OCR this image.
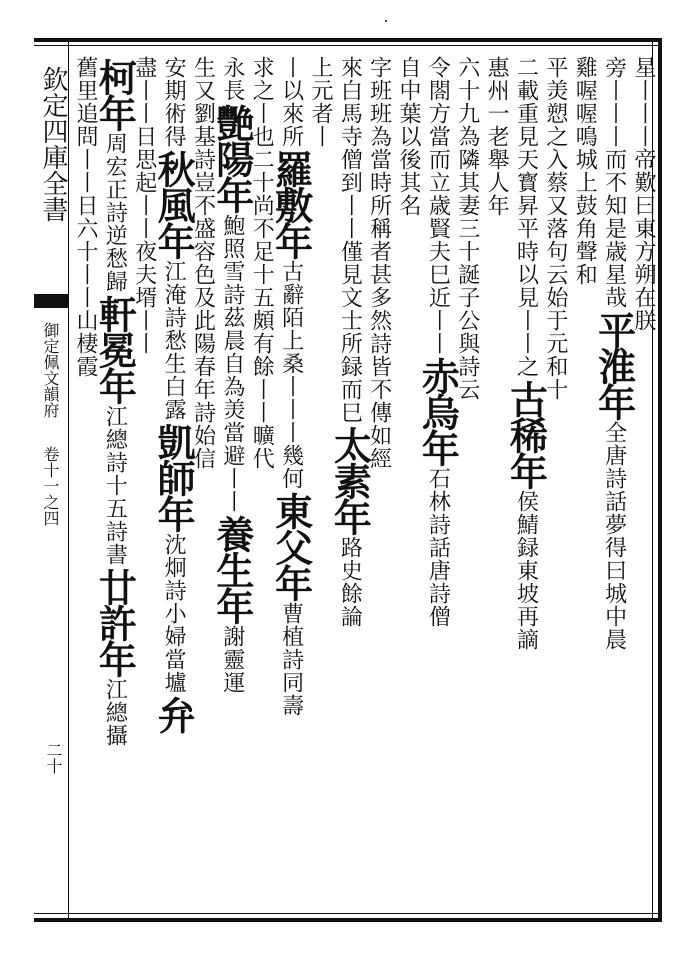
欽定四庫全書
御定佩文韻府
卷十一之四
二十
星丨丨丨帝歎曰東方朔在朕
旁丨丨丨而不知是歳星哉
平淮年
全唐詩話夢得曰城中晨
雞喔喔鳴城上鼓角聲和
平羙愬之入蔡又落句云始于元和十
二載重見天寳昇平時以見丨丨之
古稀年
侯鯖録東坡再謫
惠州一老舉人年
六十九為隣其妻三十誕子公與詩云
令閤方當而立歳賢夫巳近丨丨
赤烏年
石林詩話唐詩僧
自中葉以後其名
字班班為當時所稱者甚多然詩皆不傳如經
來白馬寺僧到丨丨僅見文士所録而巳
太素年
路史餘論
上元者丨
丨以來所
羅敷年
古辭陌上桑丨丨丨幾何
東父年
曹植詩同壽
求之丨也
二十尚不足十五頗有餘
丨丨曠代
永長
艷陽年
鮑照雪詩茲晨自為羙當避丨丨
養生年
謝靈運
生
又劉基詩豈不盛容色及此陽春年
詩始信
安期術得
秋風年
江淹詩愁生白露
凱師年
沈炯詩小婦當壚
弁
盡丨丨
日思起丨丨
夜夫壻丨丨
柯年
周宏正詩逆愁歸
軒冕年
江總詩十五詩書
廿許年
江總攝
舊里追問丨丨
日六十丨丨
山棲霞
